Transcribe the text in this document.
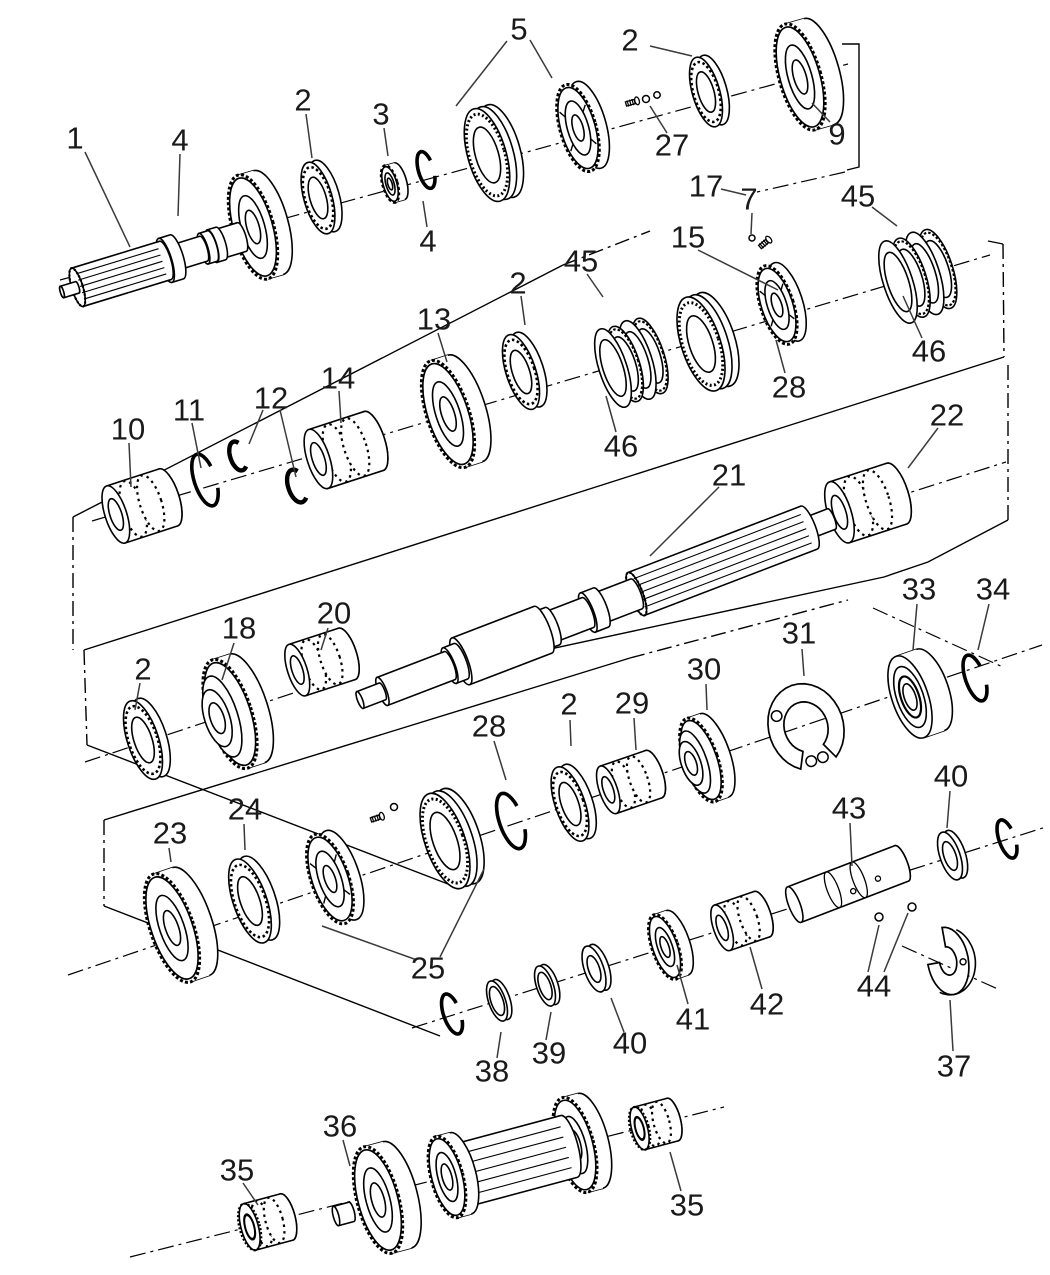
1	4
2 3
4
5	2
9
27
17 7	45
15
28
45
2
13
46
46
14
12
11
10	22
21
2
18 20
33 34
31
30
29
2
28
23
24
25
40
43
44
37
42
41
40
39
38
36
35
35
